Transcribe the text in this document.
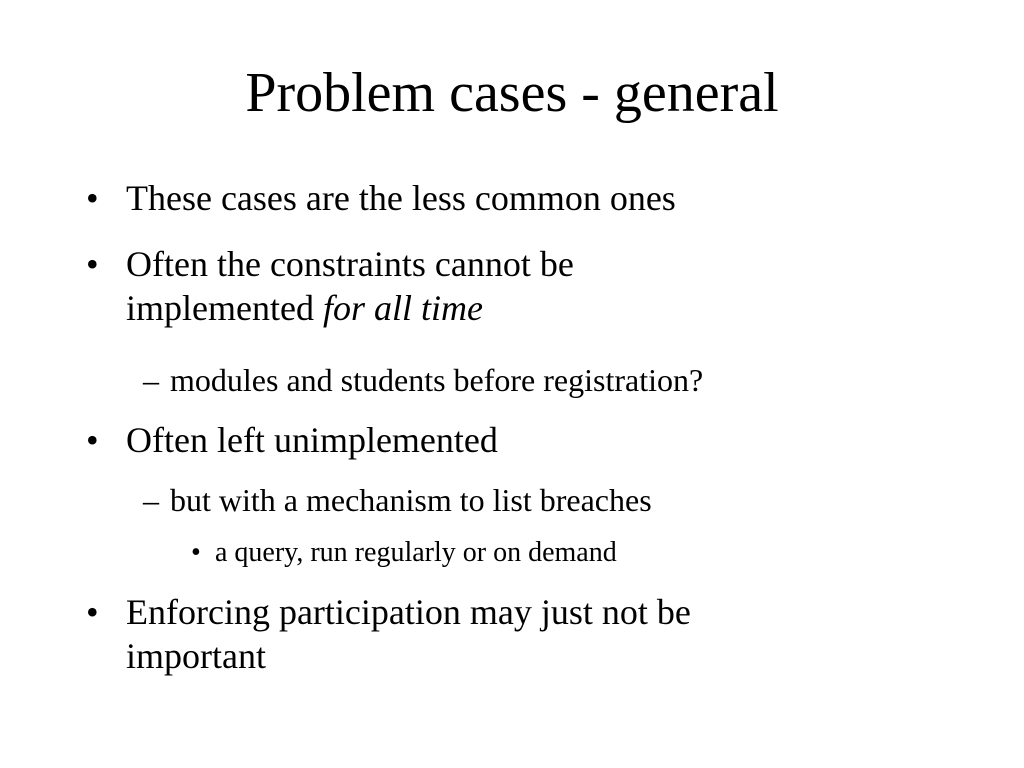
Problem cases - general
• These cases are the less common ones
• Often the constraints cannot be
implemented for all time
– modules and students before registration?
• Often left unimplemented
– but with a mechanism to list breaches
• a query, run regularly or on demand
• Enforcing participation may just not be
important
